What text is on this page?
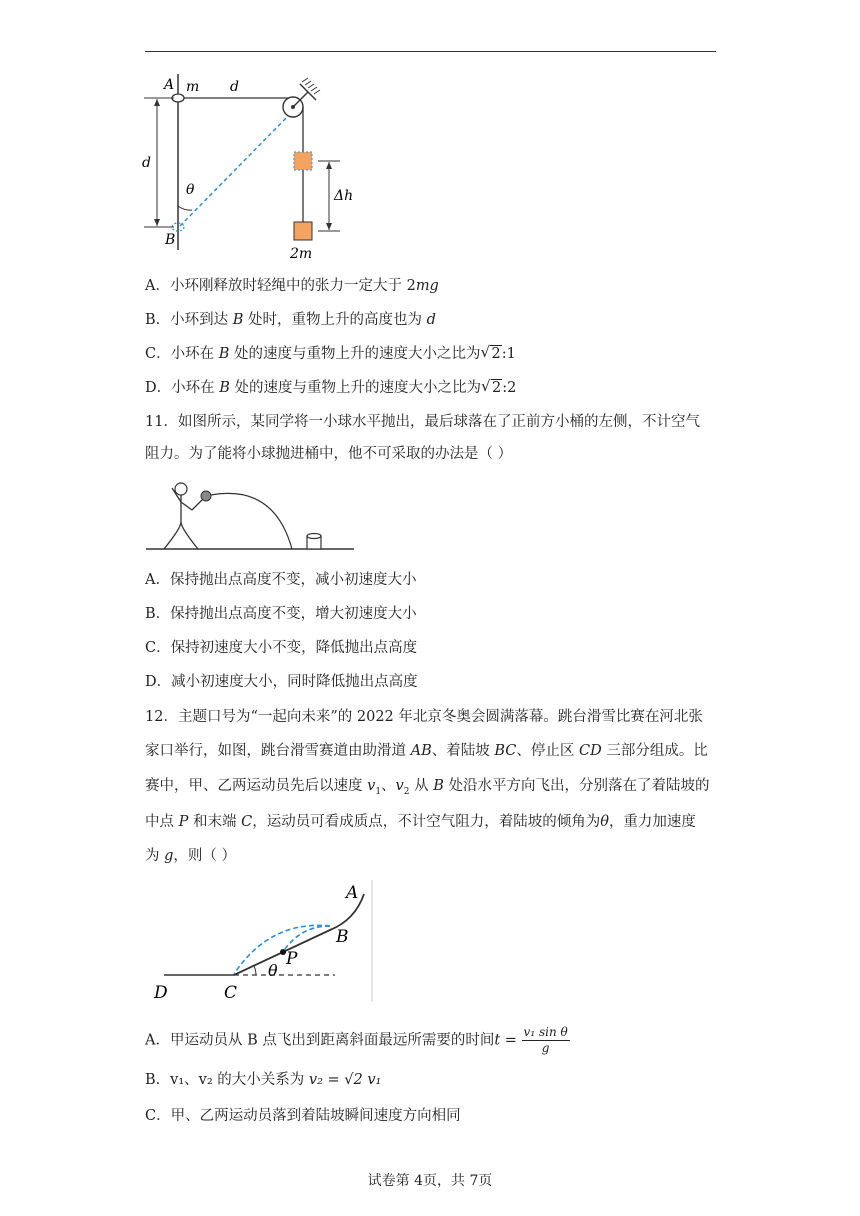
A m d
d
θ
B
Δh
2m
A．小环刚释放时轻绳中的张力一定大于 2mg
B．小环到达 B 处时，重物上升的高度也为 d
C．小环在 B 处的速度与重物上升的速度大小之比为 √ 2:1
D．小环在 B 处的速度与重物上升的速度大小之比为 √ 2:2
11．如图所示，某同学将一小球水平抛出，最后球落在了正前方小桶的左侧，不计空气
阻力。为了能将小球抛进桶中，他不可采取的办法是（ ）
A．保持抛出点高度不变，减小初速度大小
B．保持抛出点高度不变，增大初速度大小
C．保持初速度大小不变，降低抛出点高度
D．减小初速度大小，同时降低抛出点高度
12．主题口号为“一起向未来”的 2022 年北京冬奥会圆满落幕。跳台滑雪比赛在河北张
家口举行，如图，跳台滑雪赛道由助滑道 AB、着陆坡 BC、停止区 CD 三部分组成。比
赛中，甲、乙两运动员先后以速度 $v_1$、$v_2$ 从 B 处沿水平方向飞出，分别落在了着陆坡的
中点 P 和末端 C，运动员可看成质点，不计空气阻力，着陆坡的倾角为θ，重力加速度
为 g，则（ ）
A
B
P
θ
C
D
A．甲运动员从 B 点飞出到距离斜面最远所需要的时间$t = \frac{\text{v₁ sin θ}}{g}$
B．v₁、v₂ 的大小关系为 v₂ = √2 v₁
C．甲、乙两运动员落到着陆坡瞬间速度方向相同
试卷第 4页，共 7页
